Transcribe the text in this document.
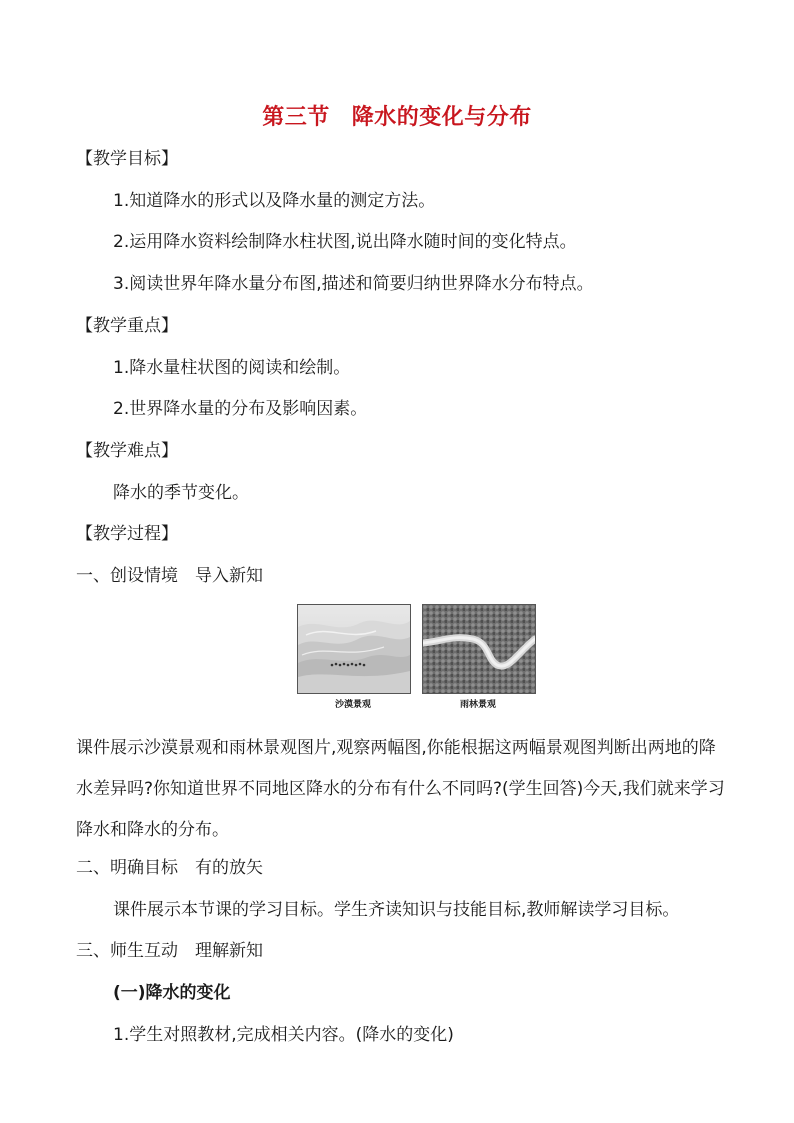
第三节 降水的变化与分布
【教学目标】
1.知道降水的形式以及降水量的测定方法。
2.运用降水资料绘制降水柱状图,说出降水随时间的变化特点。
3.阅读世界年降水量分布图,描述和简要归纳世界降水分布特点。
【教学重点】
1.降水量柱状图的阅读和绘制。
2.世界降水量的分布及影响因素。
【教学难点】
降水的季节变化。
【教学过程】
一、创设情境　导入新知
沙漠景观	雨林景观
课件展示沙漠景观和雨林景观图片,观察两幅图,你能根据这两幅景观图判断出两地的降水差异吗?你知道世界不同地区降水的分布有什么不同吗?(学生回答)今天,我们就来学习降水和降水的分布。
二、明确目标　有的放矢
课件展示本节课的学习目标。学生齐读知识与技能目标,教师解读学习目标。
三、师生互动　理解新知
(一)降水的变化
1.学生对照教材,完成相关内容。(降水的变化)
